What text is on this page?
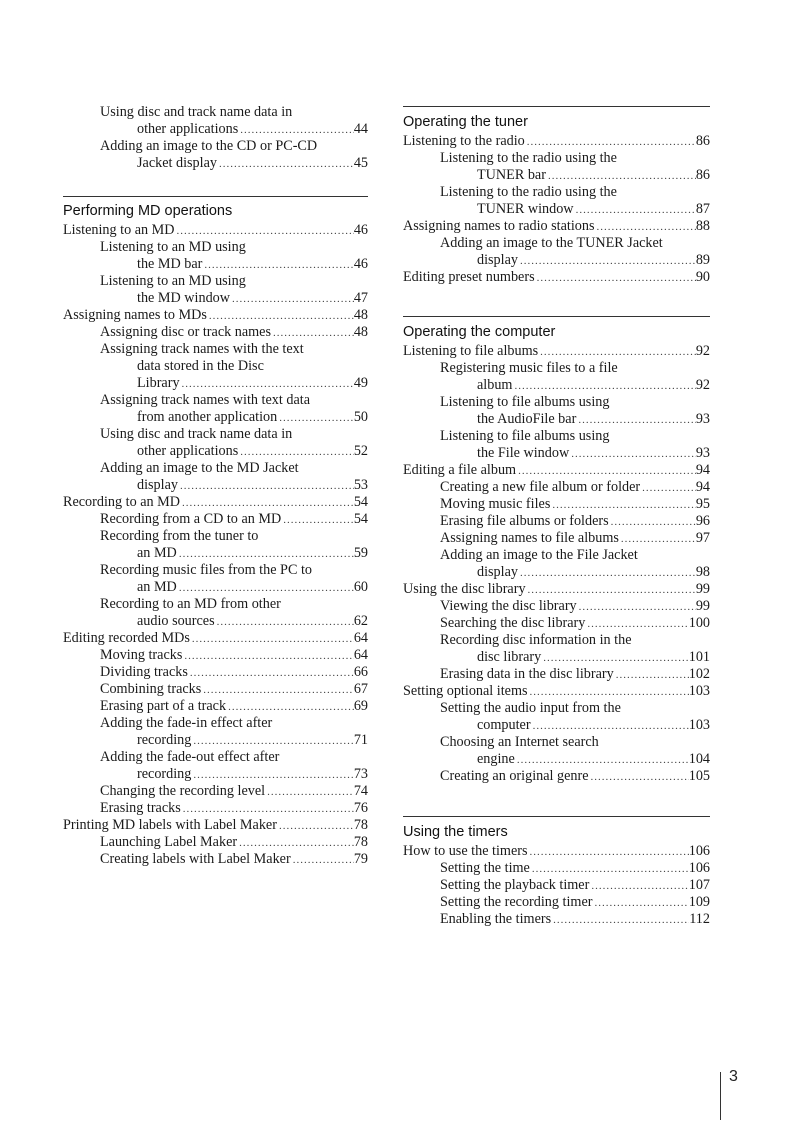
Using disc and track name data in
other applications .....	44
Adding an image to the CD or PC-CD
Jacket display .....	45
Performing MD operations
Listening to an MD .....	46
Listening to an MD using
the MD bar .....	46
Listening to an MD using
the MD window .....	47
Assigning names to MDs .....	48
Assigning disc or track names .....	48
Assigning track names with the text
data stored in the Disc
Library .....	49
Assigning track names with text data
from another application .....	50
Using disc and track name data in
other applications .....	52
Adding an image to the MD Jacket
display .....	53
Recording to an MD .....	54
Recording from a CD to an MD .....	54
Recording from the tuner to
an MD .....	59
Recording music files from the PC to
an MD .....	60
Recording to an MD from other
audio sources .....	62
Editing recorded MDs .....	64
Moving tracks .....	64
Dividing tracks .....	66
Combining tracks .....	67
Erasing part of a track .....	69
Adding the fade-in effect after
recording .....	71
Adding the fade-out effect after
recording .....	73
Changing the recording level .....	74
Erasing tracks .....	76
Printing MD labels with Label Maker .....	78
Launching Label Maker .....	78
Creating labels with Label Maker .....	79
Operating the tuner
Listening to the radio .....	86
Listening to the radio using the
TUNER bar .....	86
Listening to the radio using the
TUNER window .....	87
Assigning names to radio stations .....	88
Adding an image to the TUNER Jacket
display .....	89
Editing preset numbers .....	90
Operating the computer
Listening to file albums .....	92
Registering music files to a file
album .....	92
Listening to file albums using
the AudioFile bar .....	93
Listening to file albums using
the File window .....	93
Editing a file album .....	94
Creating a new file album or folder .....	94
Moving music files .....	95
Erasing file albums or folders .....	96
Assigning names to file albums .....	97
Adding an image to the File Jacket
display .....	98
Using the disc library .....	99
Viewing the disc library .....	99
Searching the disc library .....	100
Recording disc information in the
disc library .....	101
Erasing data in the disc library .....	102
Setting optional items .....	103
Setting the audio input from the
computer .....	103
Choosing an Internet search
engine .....	104
Creating an original genre .....	105
Using the timers
How to use the timers .....	106
Setting the time .....	106
Setting the playback timer .....	107
Setting the recording timer .....	109
Enabling the timers .....	112
3
